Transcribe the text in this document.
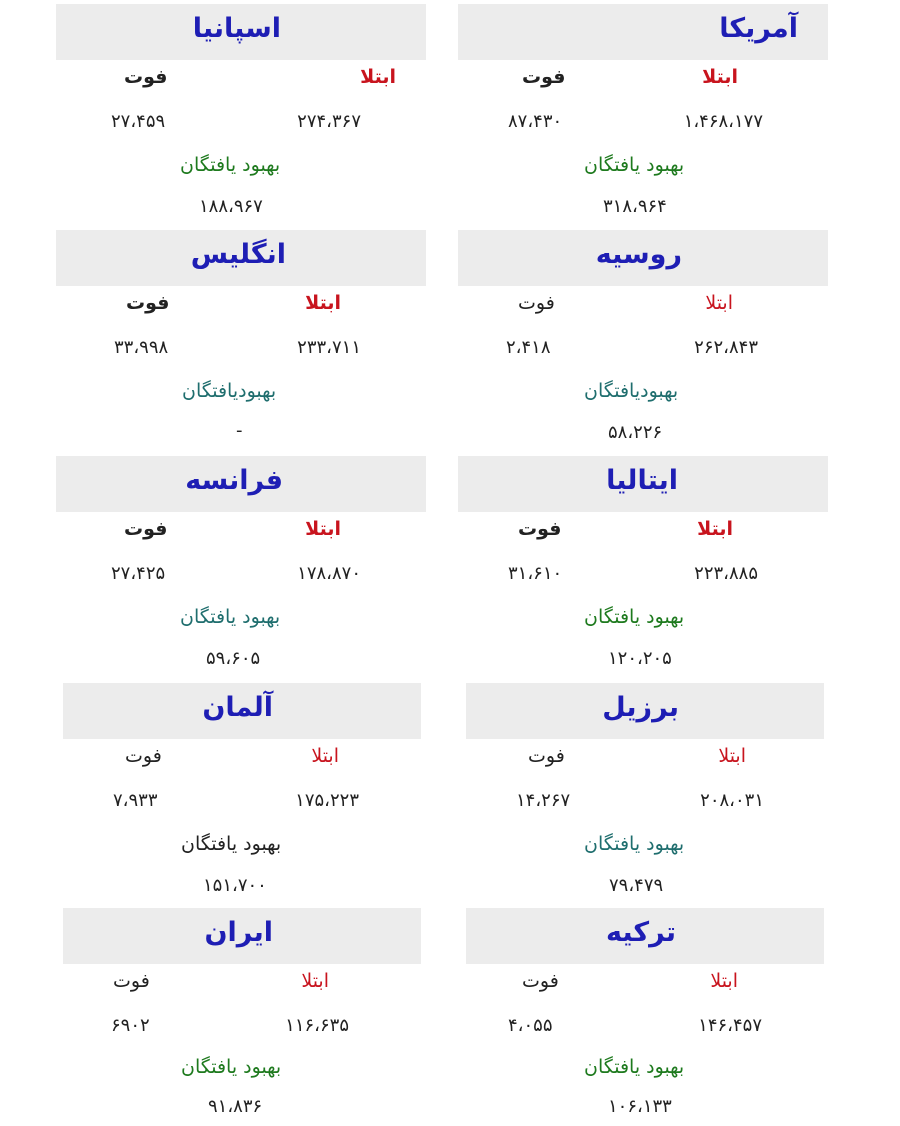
آمریکا
ابتلا
فوت
۱،۴۶۸،۱۷۷
۸۷،۴۳۰
بهبود یافتگان
۳۱۸،۹۶۴
اسپانیا
ابتلا
فوت
۲۷۴،۳۶۷
۲۷،۴۵۹
بهبود یافتگان
۱۸۸،۹۶۷
روسیه
ابتلا
فوت
۲۶۲،۸۴۳
۲،۴۱۸
بهبودیافتگان
۵۸،۲۲۶
انگلیس
ابتلا
فوت
۲۳۳،۷۱۱
۳۳،۹۹۸
بهبودیافتگان
-
ایتالیا
ابتلا
فوت
۲۲۳،۸۸۵
۳۱،۶۱۰
بهبود یافتگان
۱۲۰،۲۰۵
فرانسه
ابتلا
فوت
۱۷۸،۸۷۰
۲۷،۴۲۵
بهبود یافتگان
۵۹،۶۰۵
برزیل
ابتلا
فوت
۲۰۸،۰۳۱
۱۴،۲۶۷
بهبود یافتگان
۷۹،۴۷۹
آلمان
ابتلا
فوت
۱۷۵،۲۲۳
۷،۹۳۳
بهبود یافتگان
۱۵۱،۷۰۰
ترکیه
ابتلا
فوت
۱۴۶،۴۵۷
۴،۰۵۵
بهبود یافتگان
۱۰۶،۱۳۳
ایران
ابتلا
فوت
۱۱۶،۶۳۵
۶۹۰۲
بهبود یافتگان
۹۱،۸۳۶
